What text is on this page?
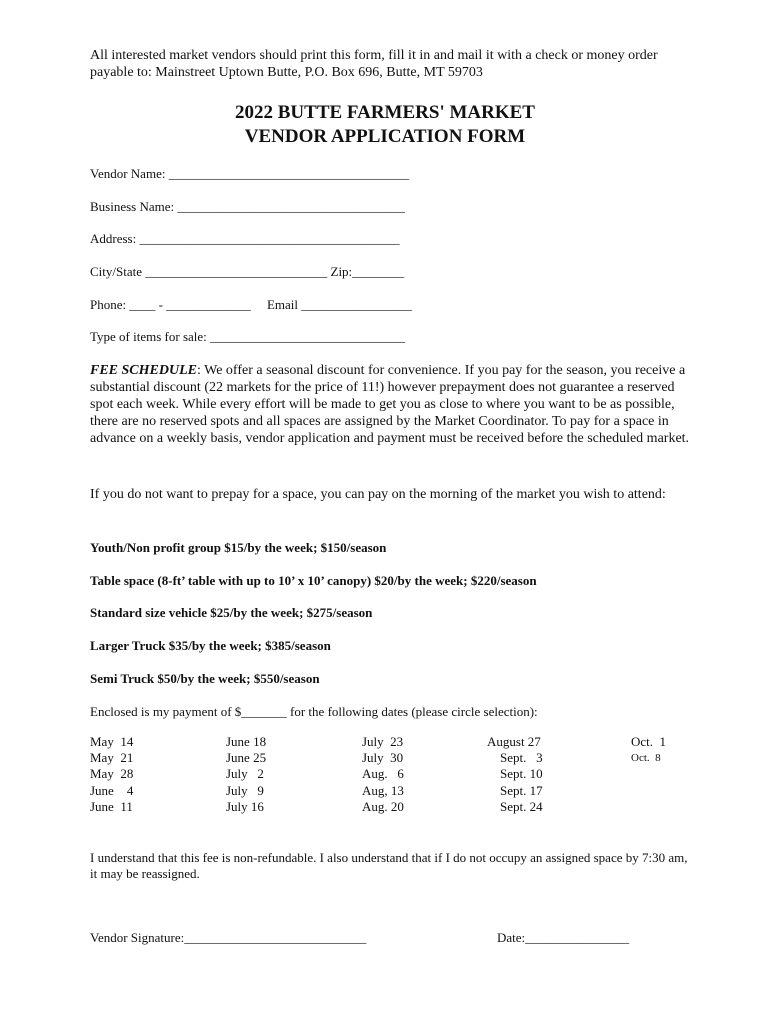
All interested market vendors should print this form, fill it in and mail it with a check or money order payable to: Mainstreet Uptown Butte, P.O. Box 696, Butte, MT 59703
2022 BUTTE FARMERS' MARKET
VENDOR APPLICATION FORM
Vendor Name: _____________________________________
Business Name: ___________________________________
Address: ________________________________________
City/State ____________________________ Zip:________
Phone: ____ - _____________     Email _________________
Type of items for sale: ______________________________
FEE SCHEDULE: We offer a seasonal discount for convenience. If you pay for the season, you receive a substantial discount (22 markets for the price of 11!) however prepayment does not guarantee a reserved spot each week. While every effort will be made to get you as close to where you want to be as possible, there are no reserved spots and all spaces are assigned by the Market Coordinator. To pay for a space in advance on a weekly basis, vendor application and payment must be received before the scheduled market.
If you do not want to prepay for a space, you can pay on the morning of the market you wish to attend:
Youth/Non profit group $15/by the week; $150/season
Table space (8-ft’ table with up to 10’ x 10’ canopy) $20/by the week; $220/season
Standard size vehicle $25/by the week; $275/season
Larger Truck $35/by the week; $385/season
Semi Truck $50/by the week; $550/season
Enclosed is my payment of $_______ for the following dates (please circle selection):
May  14
May  21
May  28
June    4
June  11
June 18
June 25
July   2
July   9
July 16
July  23
July  30
Aug.   6
Aug, 13
Aug. 20
August 27
Sept.   3
Sept. 10
Sept. 17
Sept. 24
Oct.  1
Oct.  8
I understand that this fee is non-refundable. I also understand that if I do not occupy an assigned space by 7:30 am, it may be reassigned.
Vendor Signature:____________________________	Date:________________
